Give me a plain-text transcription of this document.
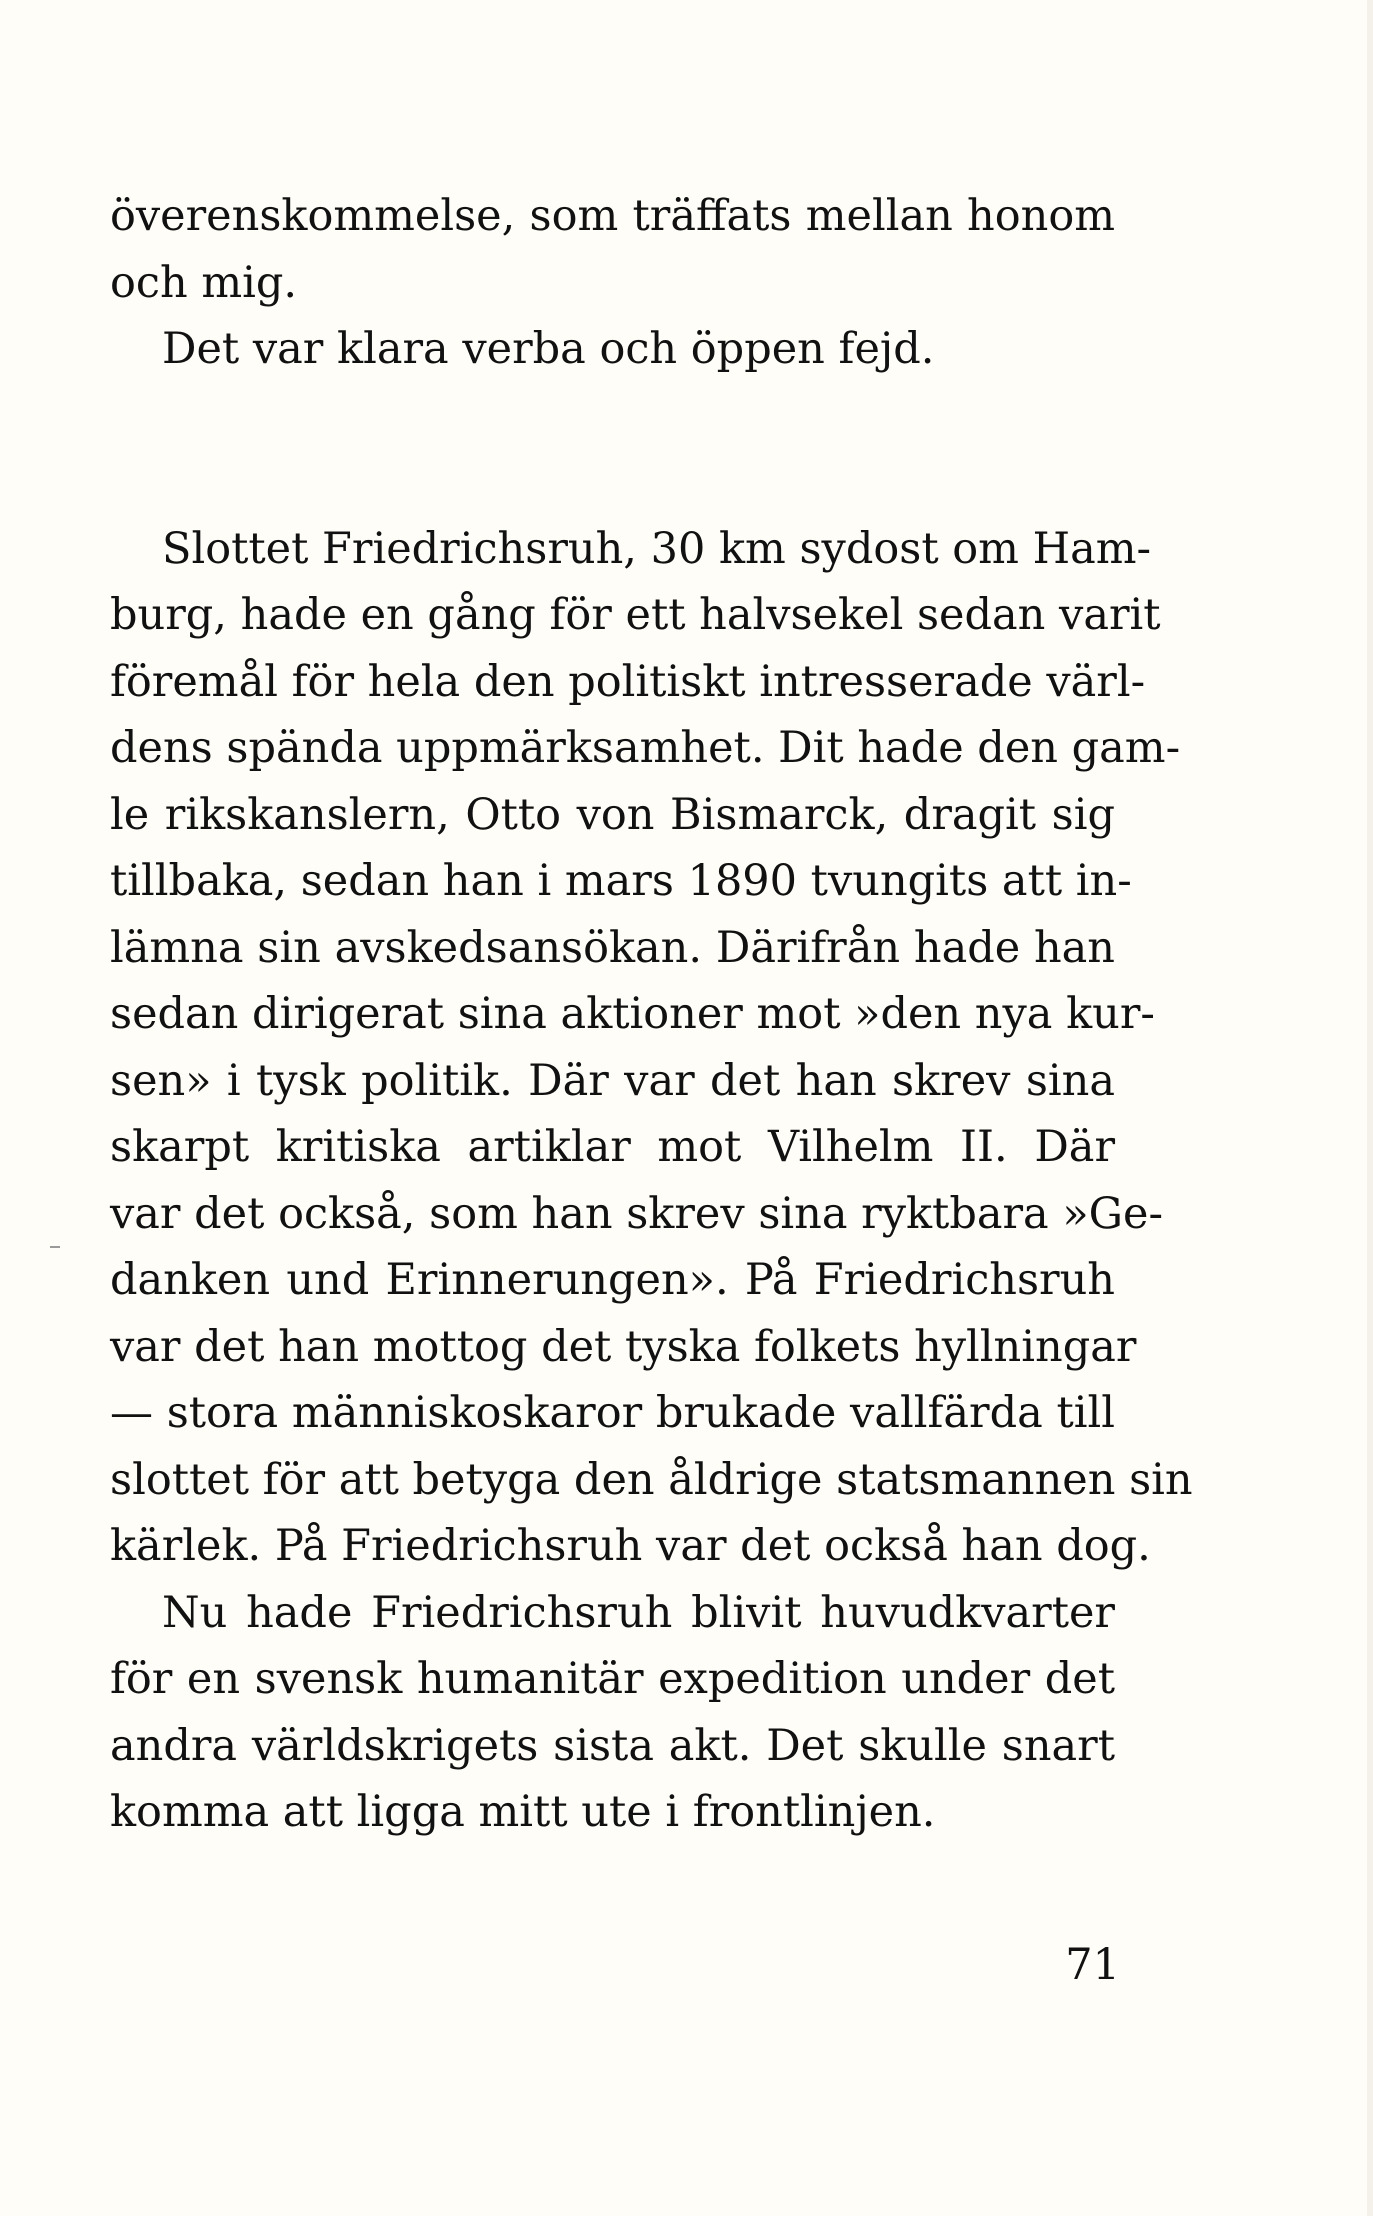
överenskommelse, som träffats mellan honom
och mig.
Det var klara verba och öppen fejd.
Slottet Friedrichsruh, 30 km sydost om Ham-
burg, hade en gång för ett halvsekel sedan varit
föremål för hela den politiskt intresserade värl-
dens spända uppmärksamhet. Dit hade den gam-
le rikskanslern, Otto von Bismarck, dragit sig
tillbaka, sedan han i mars 1890 tvungits att in-
lämna sin avskedsansökan. Därifrån hade han
sedan dirigerat sina aktioner mot »den nya kur-
sen» i tysk politik. Där var det han skrev sina
skarpt kritiska artiklar mot Vilhelm II. Där
var det också, som han skrev sina ryktbara »Ge-
danken und Erinnerungen». På Friedrichsruh
var det han mottog det tyska folkets hyllningar
— stora människoskaror brukade vallfärda till
slottet för att betyga den åldrige statsmannen sin
kärlek. På Friedrichsruh var det också han dog.
Nu hade Friedrichsruh blivit huvudkvarter
för en svensk humanitär expedition under det
andra världskrigets sista akt. Det skulle snart
komma att ligga mitt ute i frontlinjen.
71
